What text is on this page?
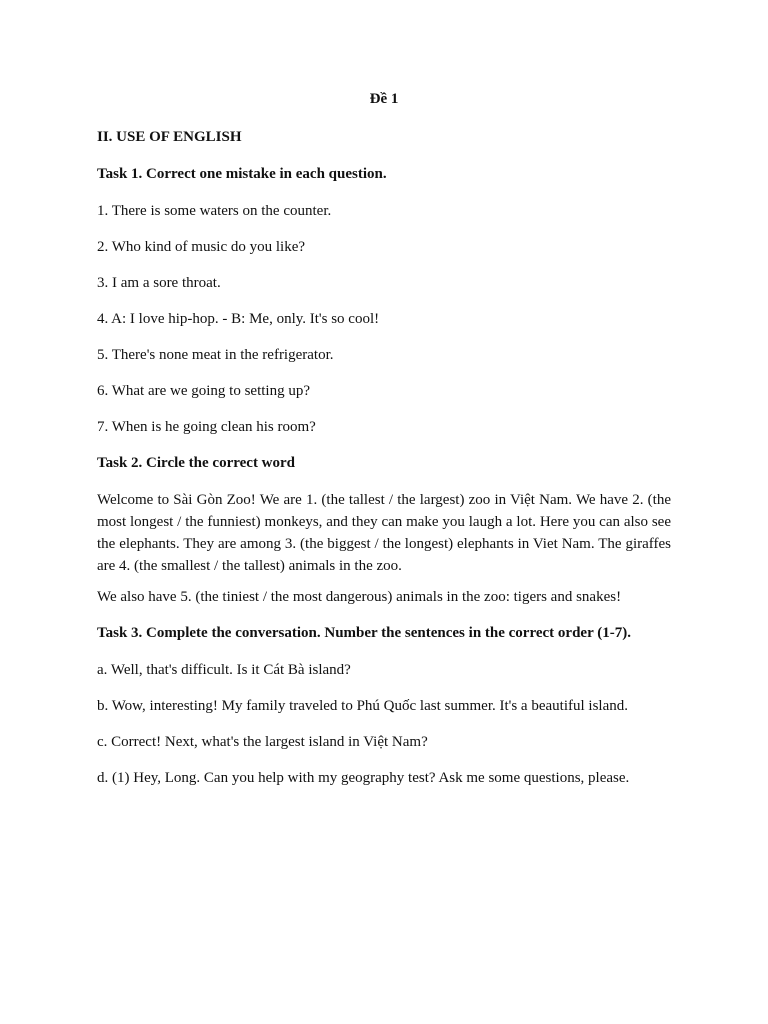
Đề 1
II. USE OF ENGLISH
Task 1. Correct one mistake in each question.
1. There is some waters on the counter.
2. Who kind of music do you like?
3. I am a sore throat.
4. A: I love hip-hop. - B: Me, only. It's so cool!
5. There's none meat in the refrigerator.
6. What are we going to setting up?
7. When is he going clean his room?
Task 2. Circle the correct word
Welcome to Sài Gòn Zoo! We are 1. (the tallest / the largest) zoo in Việt Nam. We have 2. (the most longest / the funniest) monkeys, and they can make you laugh a lot. Here you can also see the elephants. They are among 3. (the biggest / the longest) elephants in Viet Nam. The giraffes are 4. (the smallest / the tallest) animals in the zoo.
We also have 5. (the tiniest / the most dangerous) animals in the zoo: tigers and snakes!
Task 3. Complete the conversation. Number the sentences in the correct order (1-7).
a. Well, that's difficult. Is it Cát Bà island?
b. Wow, interesting! My family traveled to Phú Quốc last summer. It's a beautiful island.
c. Correct! Next, what's the largest island in Việt Nam?
d. (1) Hey, Long. Can you help with my geography test? Ask me some questions, please.
